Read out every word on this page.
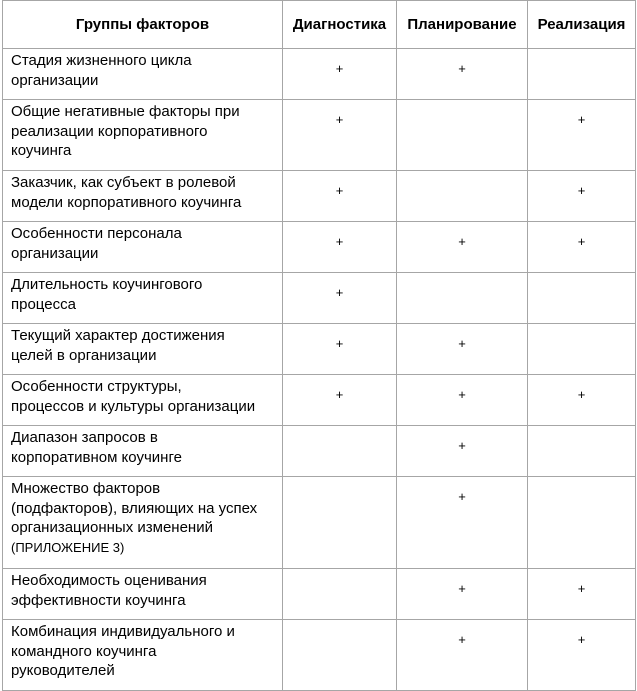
Группы факторов	Диагностика	Планирование	Реализация

Стадия жизненного цикла
организации	+	+	

Общие негативные факторы при
реализации корпоративного
коучинга	+		+

Заказчик, как субъект в ролевой
модели корпоративного коучинга	+		+

Особенности персонала
организации	+	+	+

Длительность коучингового
процесса	+		

Текущий характер достижения
целей в организации	+	+	

Особенности структуры,
процессов и культуры организации	+	+	+

Диапазон запросов в
корпоративном коучинге		+	

Множество факторов
(подфакторов), влияющих на успех
организационных изменений
(ПРИЛОЖЕНИЕ 3)		+	

Необходимость оценивания
эффективности коучинга		+	+

Комбинация индивидуального и
командного коучинга
руководителей		+	+
